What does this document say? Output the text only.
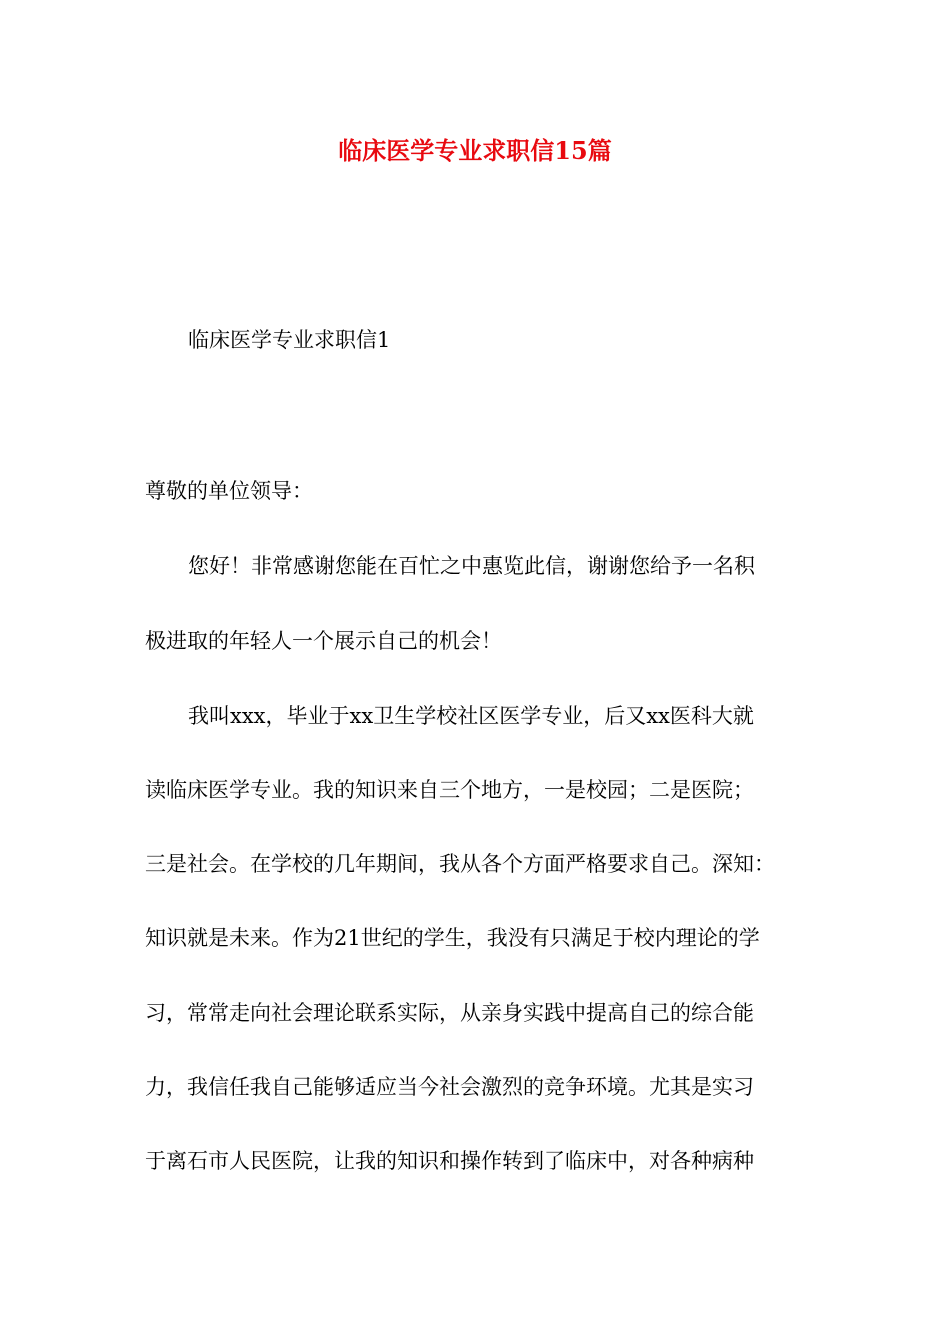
临床医学专业求职信15篇
临床医学专业求职信1
尊敬的单位领导：
您好！非常感谢您能在百忙之中惠览此信，谢谢您给予一名积
极进取的年轻人一个展示自己的机会！
我叫xxx，毕业于xx卫生学校社区医学专业，后又xx医科大就
读临床医学专业。我的知识来自三个地方，一是校园；二是医院；
三是社会。在学校的几年期间，我从各个方面严格要求自己。深知：
知识就是未来。作为21世纪的学生，我没有只满足于校内理论的学
习，常常走向社会理论联系实际，从亲身实践中提高自己的综合能
力，我信任我自己能够适应当今社会激烈的竞争环境。尤其是实习
于离石市人民医院，让我的知识和操作转到了临床中，对各种病种
